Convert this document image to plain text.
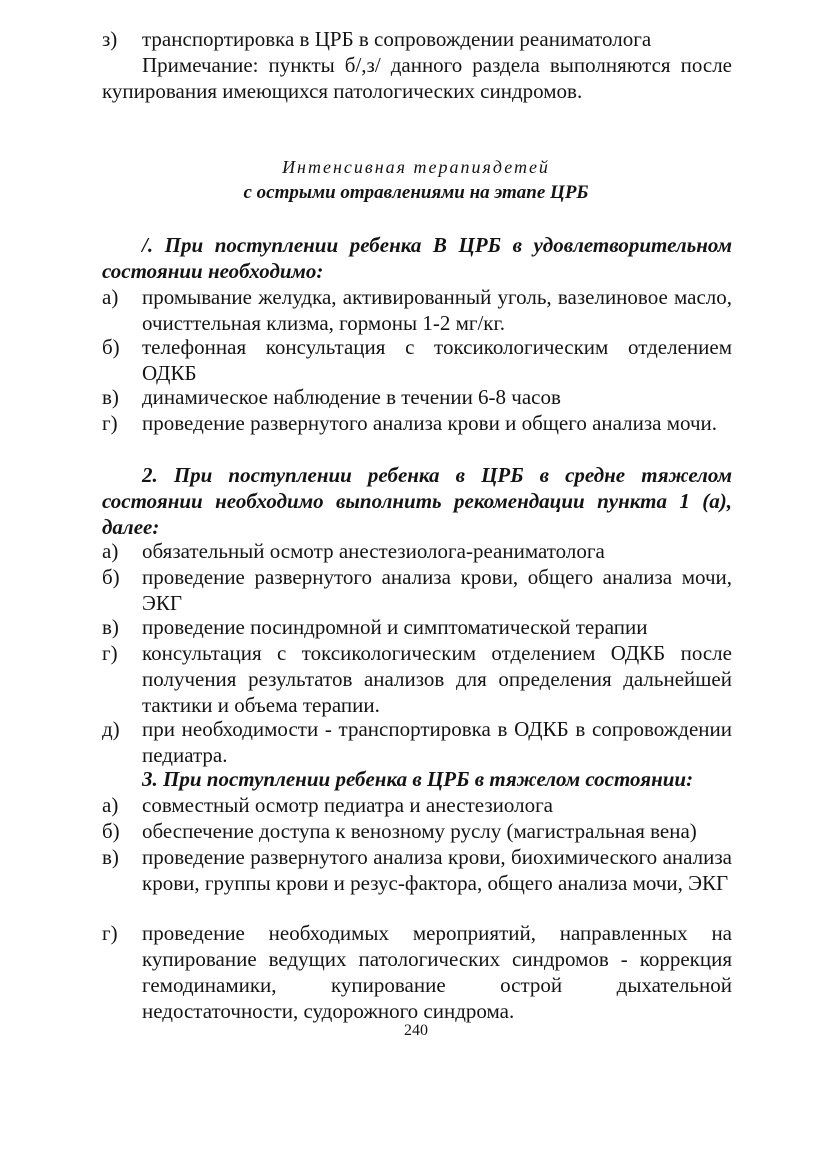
з)	транспортировка в ЦРБ в сопровождении реаниматолога
Примечание: пункты б/,з/ данного раздела выполняются после купирования имеющихся патологических синдромов.
Интенсивная терапиядетей
с острыми отравлениями на этапе ЦРБ
/. При поступлении ребенка В ЦРБ в удовлетворительном состоянии необходимо:
а)	промывание желудка, активированный уголь, вазелиновое масло, очисттельная клизма, гормоны 1-2 мг/кг.
б)	телефонная консультация с токсикологическим отделением ОДКБ
в)	динамическое наблюдение в течении 6-8 часов
г)	проведение развернутого анализа крови и общего анализа мочи.
2. При поступлении ребенка в ЦРБ в средне тяжелом состоянии необходимо выполнить рекомендации пункта 1 (а), далее:
а)	обязательный осмотр анестезиолога-реаниматолога
б)	проведение развернутого анализа крови, общего анализа мочи, ЭКГ
в)	проведение посиндромной и симптоматической терапии
г)	консультация с токсикологическим отделением ОДКБ после получения результатов анализов для определения дальнейшей тактики и объема терапии.
д)	при необходимости - транспортировка в ОДКБ в сопровождении педиатра.
3. При поступлении ребенка в ЦРБ в тяжелом состоянии:
а)	совместный осмотр педиатра и анестезиолога
б)	обеспечение доступа к венозному руслу (магистральная вена)
в)	проведение развернутого анализа крови, биохимического анализа крови, группы крови и резус-фактора, общего анализа мочи, ЭКГ
г)	проведение необходимых мероприятий, направленных на купирование ведущих патологических синдромов - коррекция гемодинамики, купирование острой дыхательной недостаточности, судорожного синдрома.
240
